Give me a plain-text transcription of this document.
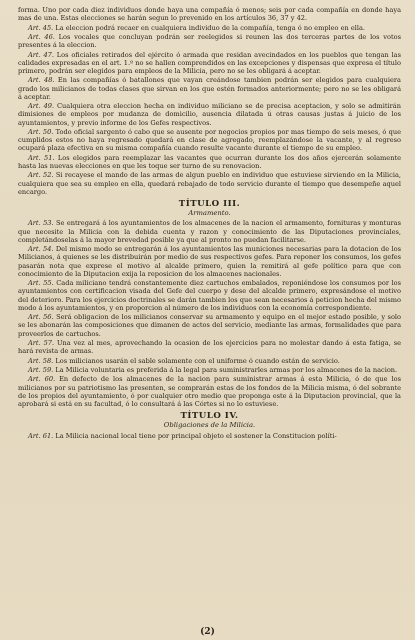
forma. Uno por cada diez individuos donde haya una compañía ó menos; seis por cada compañía en donde haya mas de una. Estas elecciones se harán segun lo prevenido en los artículos 36, 37 y 42.

Art. 45. La eleccion podrá recaer en cualquiera individuo de la compañía, tenga ó no empleo en ella.

Art. 46. Los vocales que concluyan podrán ser reelegidos si reunen las dos terceras partes de los votos presentes á la eleccion.

Art. 47. Los oficiales retirados del ejército ó armada que residan avecindados en los pueblos que tengan las calidades expresadas en el art. 1.º no se hallen comprendidos en las excepciones y dispensas que expresa el título primero, podrán ser elegidos para empleos de la Milicia, pero no se les obligará á aceptar.

Art. 48. En las compañías ó batallones que vayan creándose tambien podrán ser elegidos para cualquiera grado los milicianos de todas clases que sirvan en los que estén formados anteriormente; pero no se les obligará á aceptar.

Art. 49. Cualquiera otra eleccion hecha en individuo miliciano se de precisa aceptacion, y solo se admitirán dimisiones de empleos por mudanza de domicilio, ausencia dilatada ú otras causas justas á juicio de los ayuntamientos, y previo informe de los Gefes respectivos.

Art. 50. Todo oficial sargento ó cabo que se ausente por negocios propios por mas tiempo de seis meses, ó que cumplidos estos no haya regresado quedará en clase de agregado, reemplazándose la vacante, y al regreso ocupará plaza efectiva en su misma compañía cuando resulte vacante durante el tiempo de su empleo.

Art. 51. Los elegidos para reemplazar las vacantes que ocurran durante los dos años ejercerán solamente hasta las nuevas elecciones en que les toque ser turno de su renovacion.

Art. 52. Si recayese el mando de las armas de algun pueblo en individuo que estuviese sirviendo en la Milicia, cualquiera que sea su empleo en ella, quedará rebajado de todo servicio durante el tiempo que desempeñe aquel encargo.

TÍTULO III.
Armamento.

Art. 53. Se entregará á los ayuntamientos de los almacenes de la nacion el armamento, fornituras y monturas que necesite la Milicia con la debida cuenta y razon y conocimiento de las Diputaciones provinciales, completándoselas á la mayor brevedad posible ya que al pronto no puedan facilitarse.

Art. 54. Del mismo modo se entregarán á los ayuntamientos las municiones necesarias para la dotacion de los Milicianos, á quienes se les distribuirán por medio de sus respectivos gefes. Para reponer los consumos, los gefes pasarán nota que exprese el motivo al alcalde primero, quien la remitirá al gefe político para que con conocimiento de la Diputacion exija la reposicion de los almacenes nacionales.

Art. 55. Cada miliciano tendrá constantemente diez cartuchos embalados, reponiéndose los consumos por los ayuntamientos con certificacion visada del Gefe del cuerpo y dese del alcalde primero, expresándose el motivo del deterioro. Para los ejercicios doctrinales se darán tambien los que sean necesarios á peticion hecha del mismo modo á los ayuntamientos, y en proporcion al número de los individuos con la economía correspondiente.

Art. 56. Será obligacion de los milicianos conservar su armamento y equipo en el mejor estado posible, y solo se les abonarán las composiciones que dimanen de actos del servicio, mediante las armas, formalidades que para proveerlos de cartuchos.

Art. 57. Una vez al mes, aprovechando la ocasion de los ejercicios para no molestar dando á esta fatiga, se hará revista de armas.

Art. 58. Los milicianos usarán el sable solamente con el uniforme ó cuando están de servicio.

Art. 59. La Milicia voluntaria es preferida á la legal para suministrarles armas por los almacenes de la nacion.

Art. 60. En defecto de los almacenes de la nacion para suministrar armas á esta Milicia, ó de que los milicianos por su patriotismo las presenten, se comprarán estas de los fondos de la Milicia misma, ó del sobrante de los propios del ayuntamiento, ó por cualquier otro medio que proponga este á la Diputacion provincial, que la aprobará si está en su facultad, ó lo consultará á las Córtes si no lo estuviese.

TÍTULO IV.
Obligaciones de la Milicia.

Art. 61. La Milicia nacional local tiene por principal objeto el sostener la Constitucion políti-

(2)
